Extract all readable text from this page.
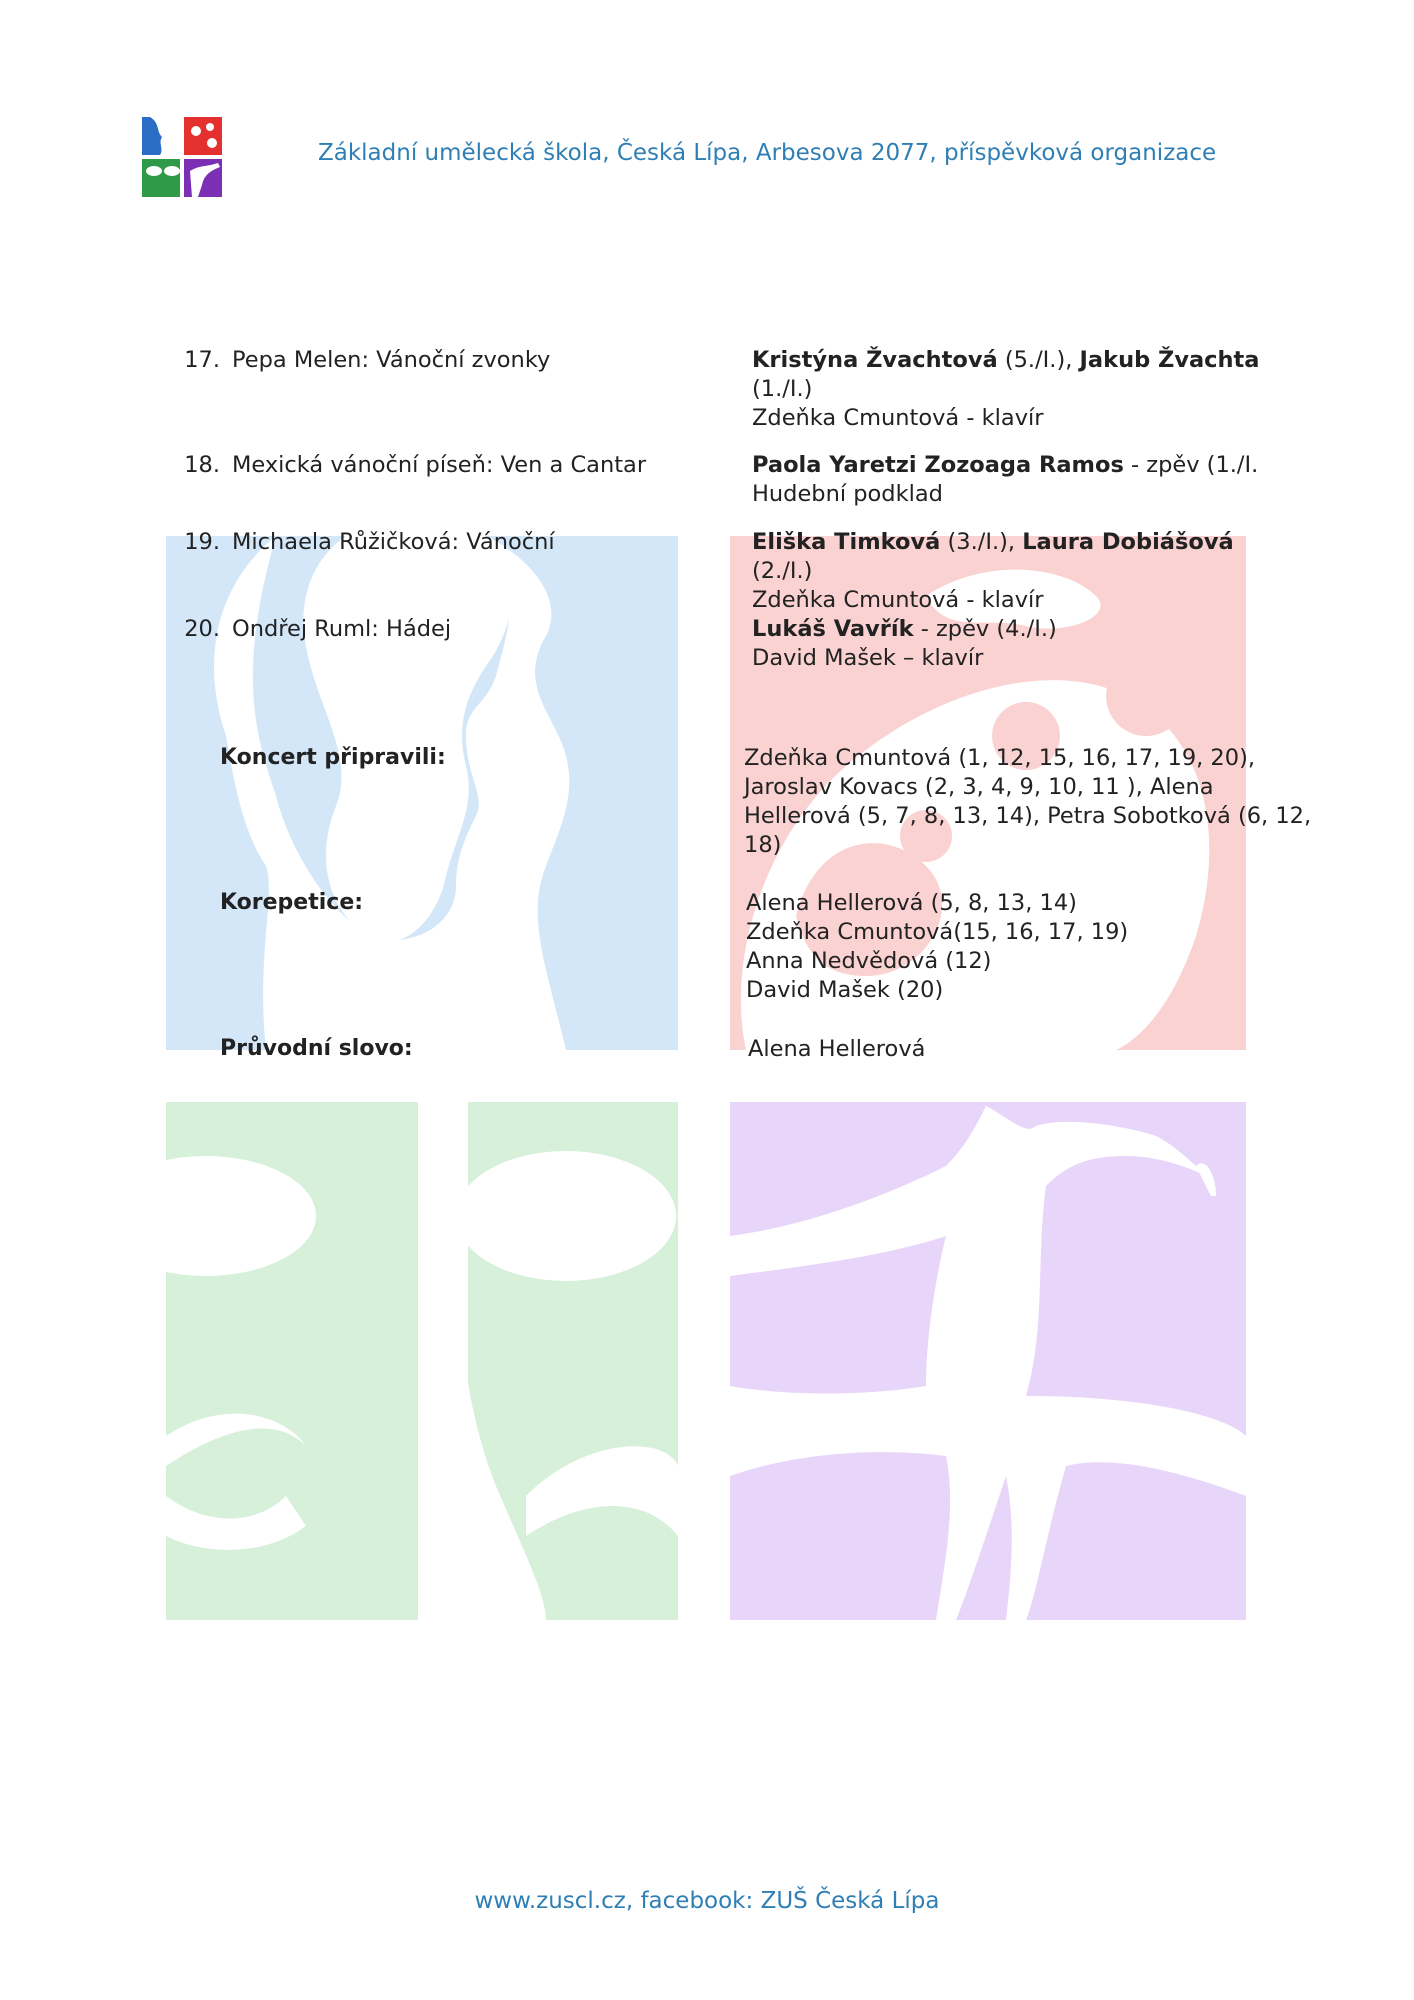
Základní umělecká škola, Česká Lípa, Arbesova 2077, příspěvková organizace
17. Pepa Melen: Vánoční zvonky	Kristýna Žvachtová (5./I.), Jakub Žvachta
(1./I.)
Zdeňka Cmuntová - klavír
18. Mexická vánoční píseň: Ven a Cantar	Paola Yaretzi Zozoaga Ramos - zpěv (1./I.
Hudební podklad
19. Michaela Růžičková: Vánoční	Eliška Timková (3./I.), Laura Dobiášová (2./I.)
Zdeňka Cmuntová - klavír
20. Ondřej Ruml: Hádej	Lukáš Vavřík - zpěv (4./I.)
David Mašek – klavír
Koncert připravili:	Zdeňka Cmuntová (1, 12, 15, 16, 17, 19, 20),
Jaroslav Kovacs (2, 3, 4, 9, 10, 11 ), Alena
Hellerová (5, 7, 8, 13, 14), Petra Sobotková (6, 12,
18)
Korepetice:	Alena Hellerová (5, 8, 13, 14)
Zdeňka Cmuntová(15, 16, 17, 19)
Anna Nedvědová (12)
David Mašek (20)
Průvodní slovo:	Alena Hellerová
www.zuscl.cz, facebook: ZUŠ Česká Lípa
